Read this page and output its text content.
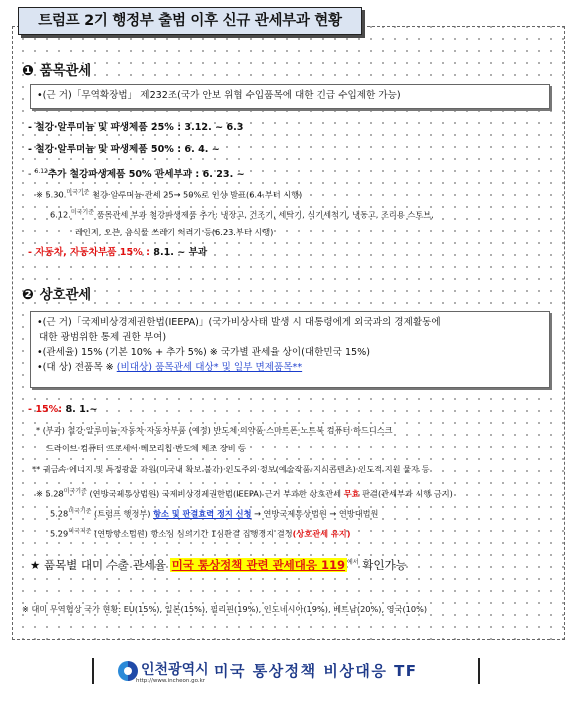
트럼프 2기 행정부 출범 이후 신규 관세부과 현황
❶ 품목관세
•(근 거)「무역확장법」 제232조(국가 안보 위협 수입품목에 대한 긴급 수입제한 가능)
- 철강·알루미늄 및 파생제품 25% : 3.12. ~ 6.3
- 철강·알루미늄 및 파생제품 50% : 6. 4. ~
- $^{6.12}$추가 철강파생제품 50% 관세부과 : 6. 23. ~
※ 5.30.$^{미국기준}$ 철강·알루미늄 관세 25→ 50%로 인상 발표(6.4.부터 시행)
6.12.$^{미국기준}$ 품목관세 부과 철강파생제품 추가: 냉장고, 건조기, 세탁기, 식기세척기, 냉동고, 조리용 스토브,
레인지, 오븐, 음식물 쓰레기 처리기 등(6.23.부터 시행)
- 자동차, 자동차부품 15% : 8.1. ~ 부과
❷ 상호관세
•(근 거)「국제비상경제권한법(IEEPA)」(국가비상사태 발생 시 대통령에게 외국과의 경제활동에
대한 광범위한 통제 권한 부여)
•(관세율) 15% (기본 10% + 추가 5%) ※ 국가별 관세율 상이(대한민국 15%)
•(대 상) 전품목 ※ (비대상) 품목관세 대상* 및 일부 면제품목**
- 15%: 8. 1.~
* (부과) 철강·알루미늄·자동차·자동차부품 (예정) 반도체·의약품·스마트폰·노트북 컴퓨터·하드디스크
드라이브·컴퓨터 프로세서·메모리칩·반도체 제조 장비 등
** 귀금속·에너지 및 특정광물 자원(미국내 확보 불가)·인도주의·정보(예술작품·지식콘텐츠)·인도적 지원 물자 등
※ $5.28^{미국기준}$ (연방국제통상법원) 국제비상경제권한법(IEEPA) 근거 부과한 상호관세 무효 판결(관세부과 시행 금지)
$5.28^{미국기준}$ (트럼프 행정부) 항소 및 판결효력 정지 신청 → 연방국제통상법원 → 연방대법원
$5.29^{미국기준}$ (연방항소법원) 항소심 심의기간 1심판결 집행정지 결정(상호관세 유지)
★ 품목별 대미 수출 관세율 미국 통상정책 관련 관세대응 119 $^{에서}$ 확인가능
※ 대미 무역협상 국가 현황: EU(15%), 일본(15%), 필리핀(19%), 인도네시아(19%), 베트남(20%), 영국(10%)
인천광역시
http://www.incheon.go.kr
미국 통상정책 비상대응 TF
